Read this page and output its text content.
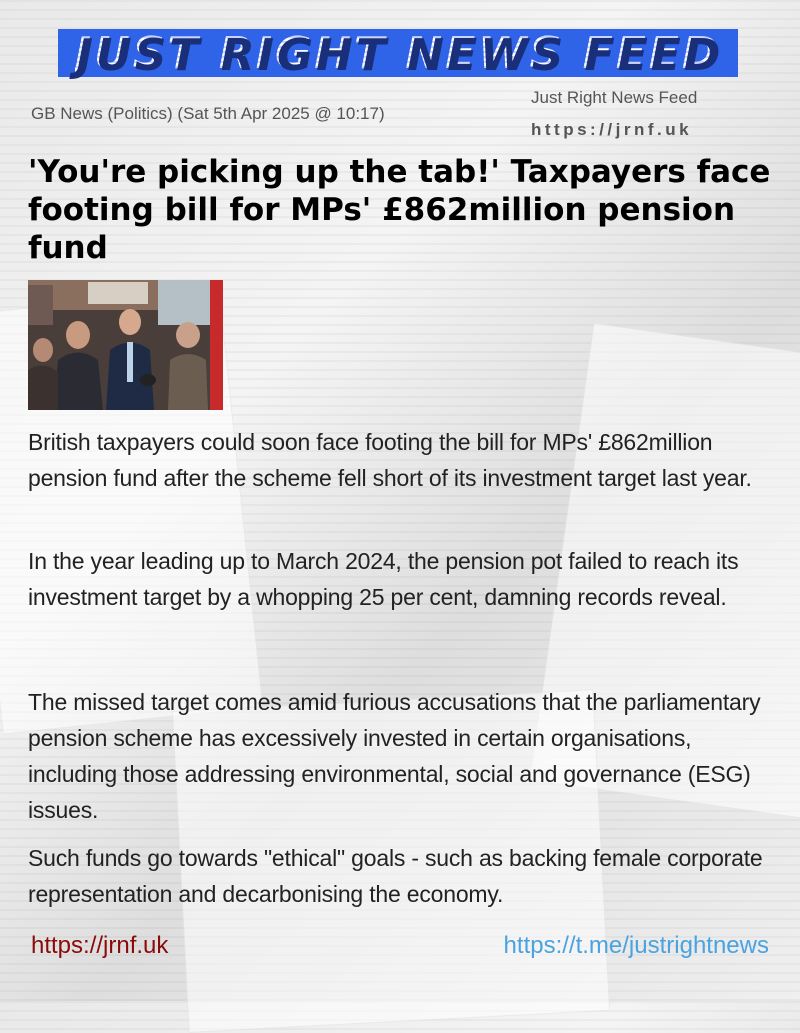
JUST RIGHT NEWS FEED
GB News (Politics) (Sat 5th Apr 2025 @ 10:17)
Just Right News Feed
https://jrnf.uk
'You're picking up the tab!' Taxpayers face footing bill for MPs' £862million pension fund

British taxpayers could soon face footing the bill for MPs' £862million pension fund after the scheme fell short of its investment target last year.

In the year leading up to March 2024, the pension pot failed to reach its investment target by a whopping 25 per cent, damning records reveal.

The missed target comes amid furious accusations that the parliamentary pension scheme has excessively invested in certain organisations, including those addressing environmental, social and governance (ESG) issues.

Such funds go towards "ethical" goals - such as backing female corporate representation and decarbonising the economy.

https://jrnf.uk	https://t.me/justrightnews
